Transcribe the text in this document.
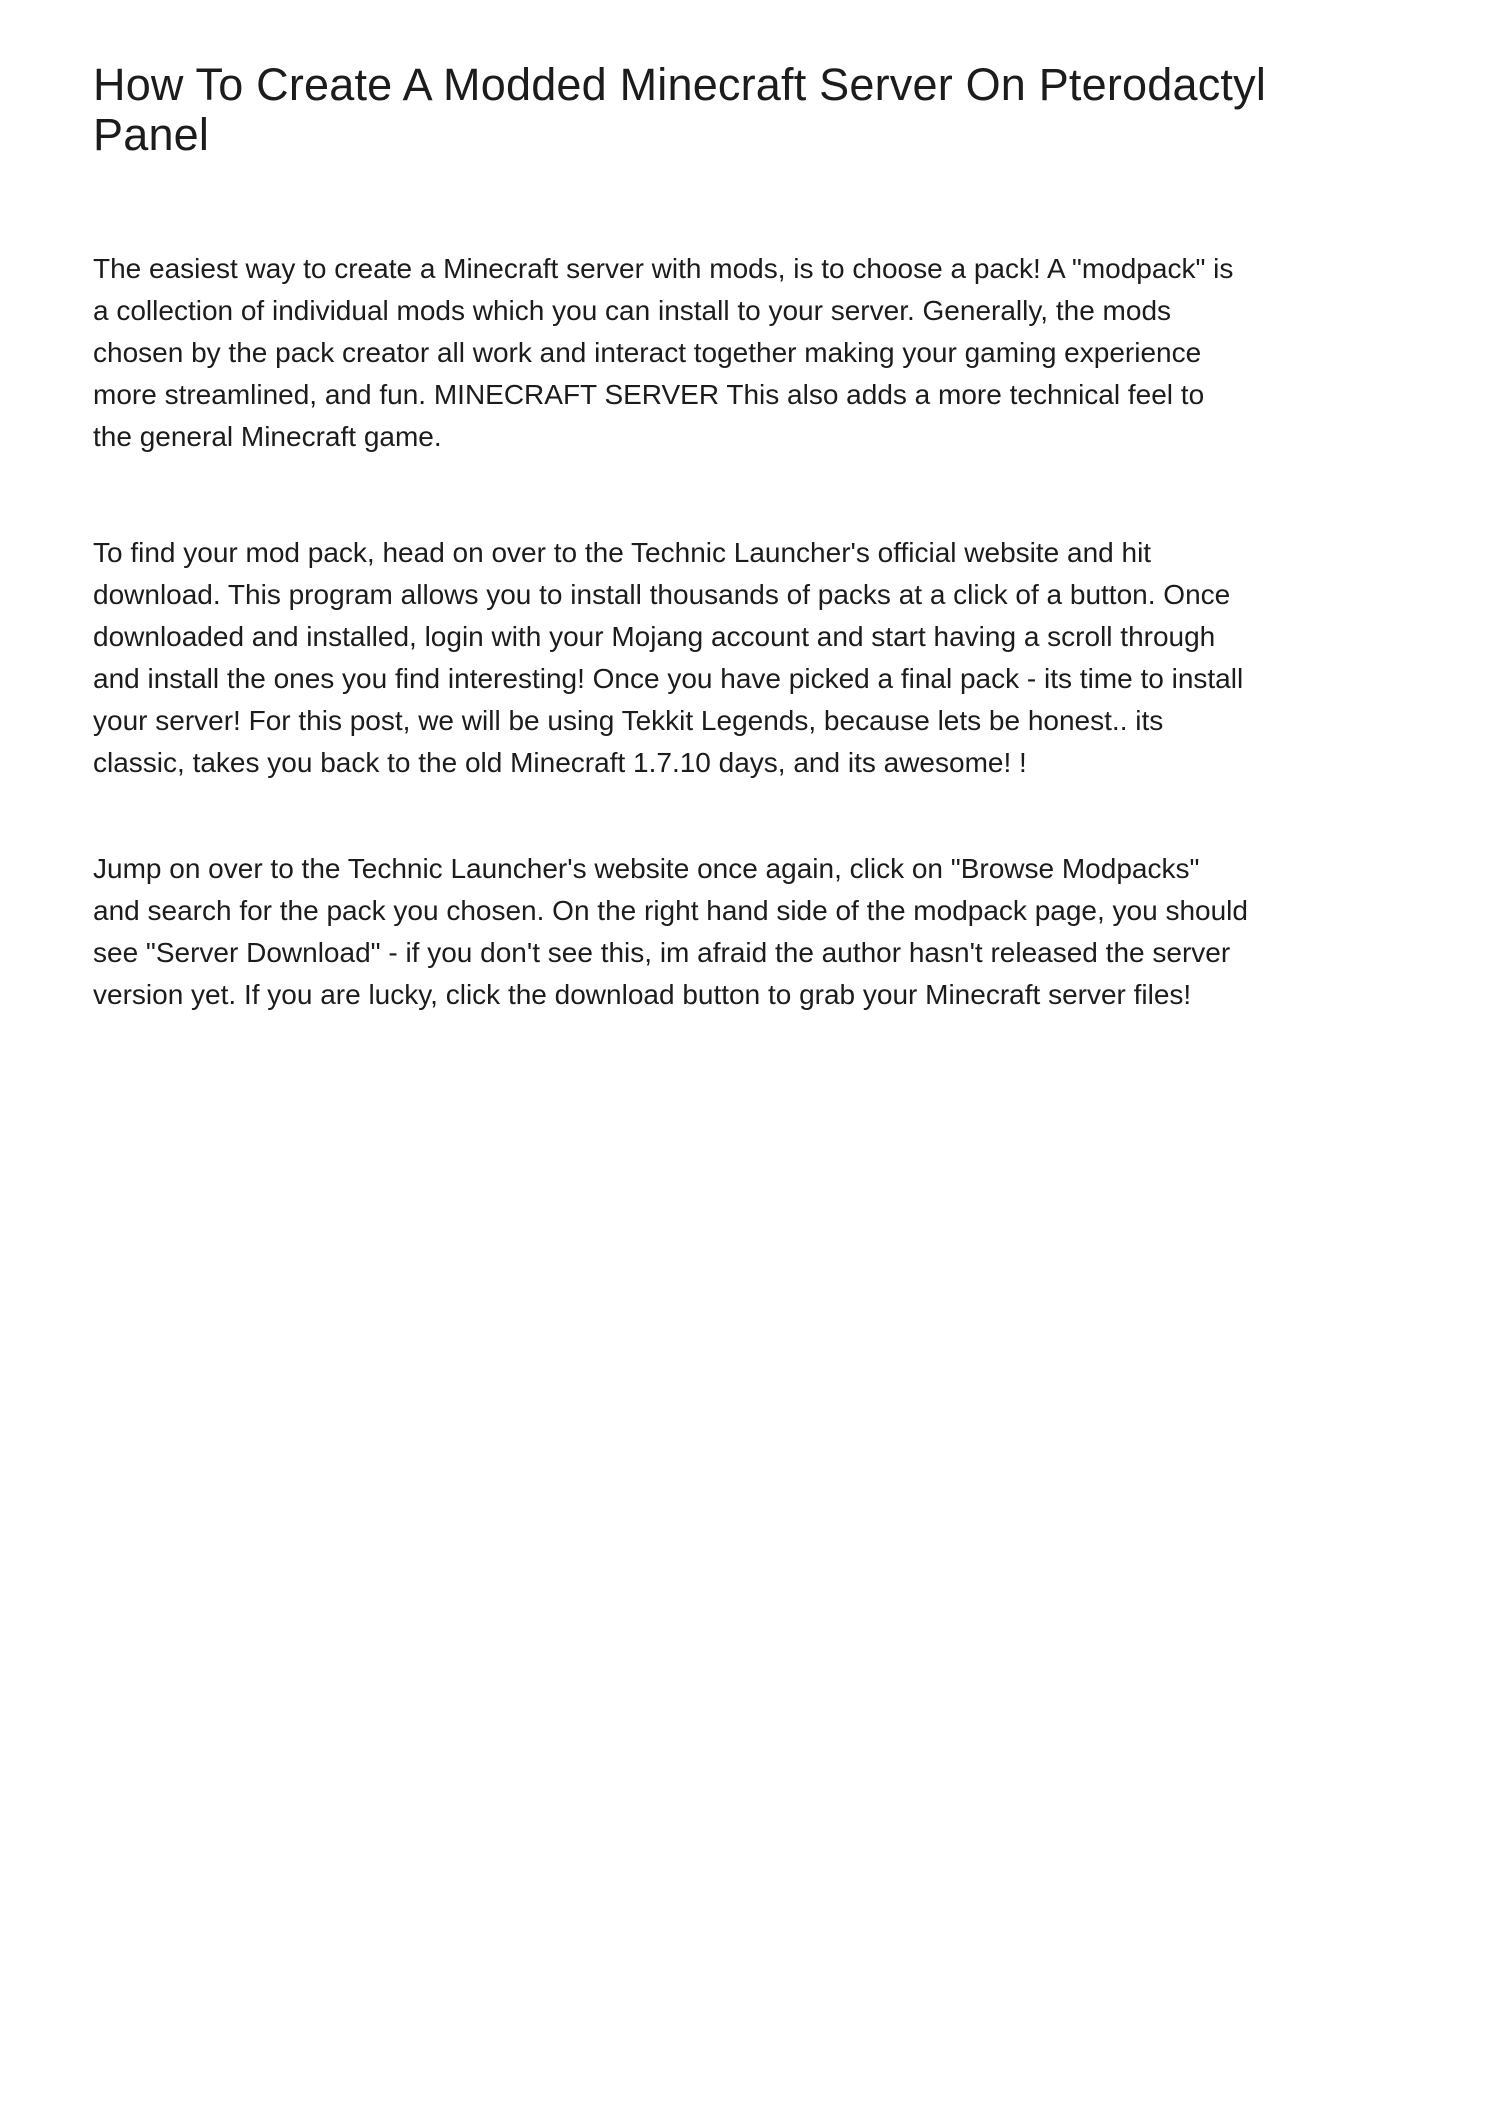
How To Create A Modded Minecraft Server On Pterodactyl
Panel
The easiest way to create a Minecraft server with mods, is to choose a pack! A "modpack" is
a collection of individual mods which you can install to your server. Generally, the mods
chosen by the pack creator all work and interact together making your gaming experience
more streamlined, and fun. MINECRAFT SERVER This also adds a more technical feel to
the general Minecraft game.
To find your mod pack, head on over to the Technic Launcher's official website and hit
download. This program allows you to install thousands of packs at a click of a button. Once
downloaded and installed, login with your Mojang account and start having a scroll through
and install the ones you find interesting! Once you have picked a final pack - its time to install
your server! For this post, we will be using Tekkit Legends, because lets be honest.. its
classic, takes you back to the old Minecraft 1.7.10 days, and its awesome! !
Jump on over to the Technic Launcher's website once again, click on "Browse Modpacks"
and search for the pack you chosen. On the right hand side of the modpack page, you should
see "Server Download" - if you don't see this, im afraid the author hasn't released the server
version yet. If you are lucky, click the download button to grab your Minecraft server files!
